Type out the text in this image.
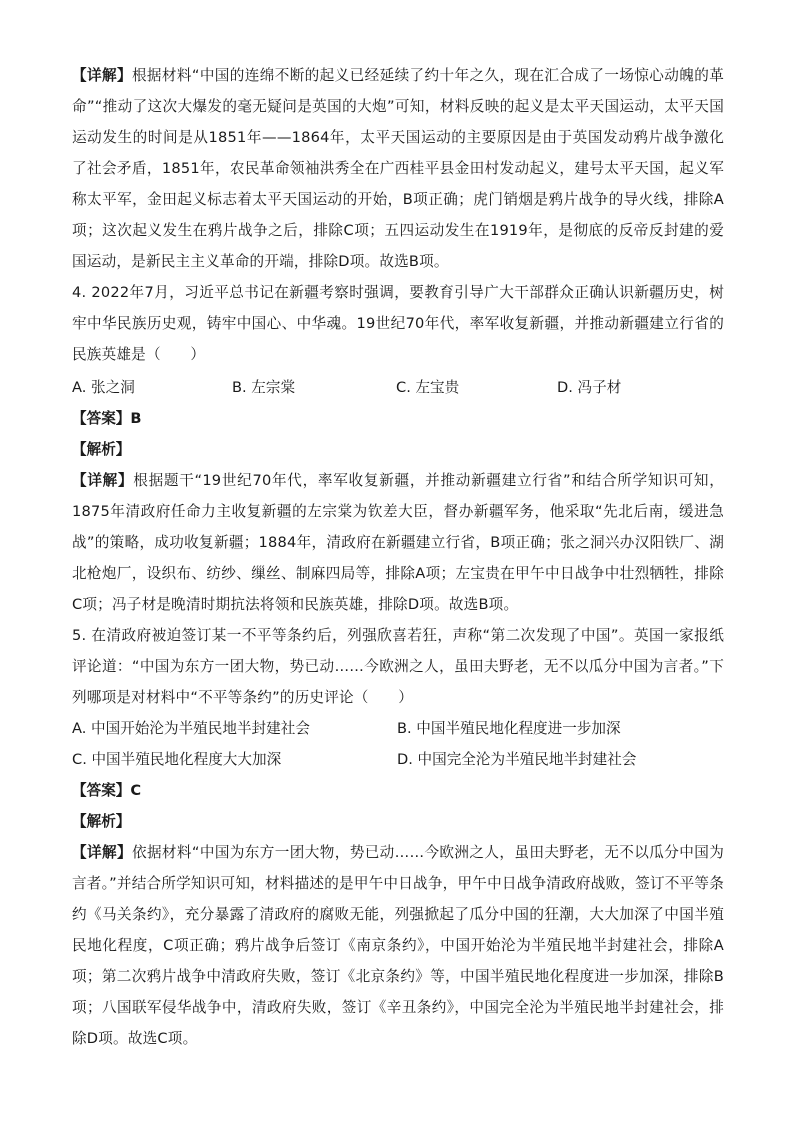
【详解】根据材料“中国的连绵不断的起义已经延续了约十年之久，现在汇合成了一场惊心动魄的革命”“推动了这次大爆发的毫无疑问是英国的大炮”可知，材料反映的起义是太平天国运动，太平天国运动发生的时间是从1851年——1864年，太平天国运动的主要原因是由于英国发动鸦片战争激化了社会矛盾，1851年，农民革命领袖洪秀全在广西桂平县金田村发动起义，建号太平天国，起义军称太平军，金田起义标志着太平天国运动的开始，B项正确；虎门销烟是鸦片战争的导火线，排除A项；这次起义发生在鸦片战争之后，排除C项；五四运动发生在1919年，是彻底的反帝反封建的爱国运动，是新民主主义革命的开端，排除D项。故选B项。

4. 2022年7月，习近平总书记在新疆考察时强调，要教育引导广大干部群众正确认识新疆历史，树牢中华民族历史观，铸牢中国心、中华魂。19世纪70年代，率军收复新疆，并推动新疆建立行省的民族英雄是（　　）

A. 张之洞	B. 左宗棠	C. 左宝贵	D. 冯子材
【答案】B
【解析】

【详解】根据题干“19世纪70年代，率军收复新疆，并推动新疆建立行省”和结合所学知识可知，1875年清政府任命力主收复新疆的左宗棠为钦差大臣，督办新疆军务，他采取“先北后南，缓进急战”的策略，成功收复新疆；1884年，清政府在新疆建立行省，B项正确；张之洞兴办汉阳铁厂、湖北枪炮厂，设织布、纺纱、缫丝、制麻四局等，排除A项；左宝贵在甲午中日战争中壮烈牺牲，排除C项；冯子材是晚清时期抗法将领和民族英雄，排除D项。故选B项。

5. 在清政府被迫签订某一不平等条约后，列强欣喜若狂，声称“第二次发现了中国”。英国一家报纸评论道：“中国为东方一团大物，势已动……今欧洲之人，虽田夫野老，无不以瓜分中国为言者。”下列哪项是对材料中“不平等条约”的历史评论（　　）

A. 中国开始沦为半殖民地半封建社会	B. 中国半殖民地化程度进一步加深
C. 中国半殖民地化程度大大加深	D. 中国完全沦为半殖民地半封建社会
【答案】C
【解析】

【详解】依据材料“中国为东方一团大物，势已动……今欧洲之人，虽田夫野老，无不以瓜分中国为言者。”并结合所学知识可知，材料描述的是甲午中日战争，甲午中日战争清政府战败，签订不平等条约《马关条约》，充分暴露了清政府的腐败无能，列强掀起了瓜分中国的狂潮，大大加深了中国半殖民地化程度，C项正确；鸦片战争后签订《南京条约》，中国开始沦为半殖民地半封建社会，排除A项；第二次鸦片战争中清政府失败，签订《北京条约》等，中国半殖民地化程度进一步加深，排除B项；八国联军侵华战争中，清政府失败，签订《辛丑条约》，中国完全沦为半殖民地半封建社会，排除D项。故选C项。
